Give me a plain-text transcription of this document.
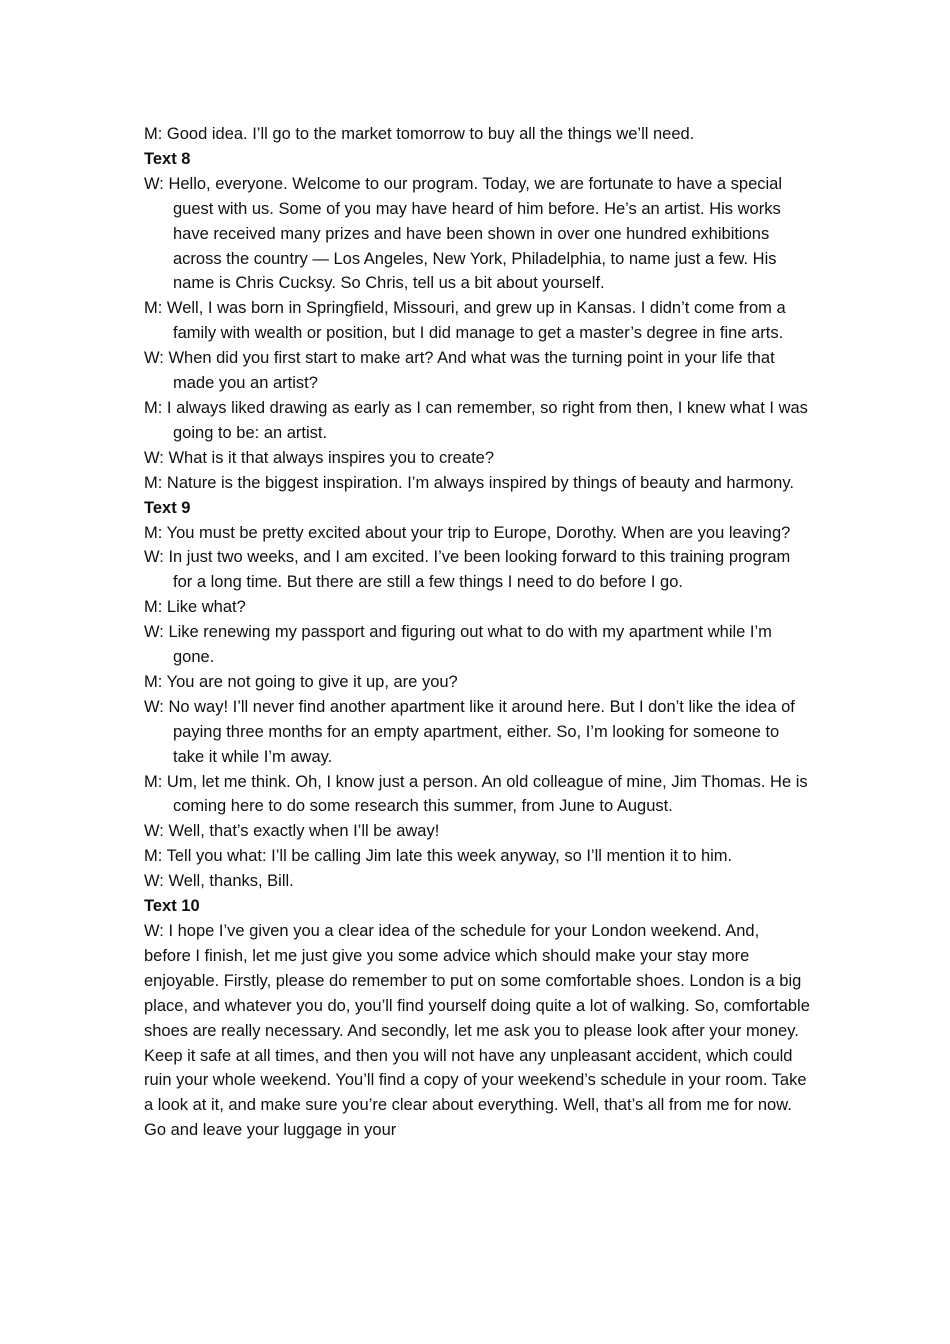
M: Good idea. I’ll go to the market tomorrow to buy all the things we’ll need.

Text 8

W: Hello, everyone. Welcome to our program. Today, we are fortunate to have a special guest with us. Some of you may have heard of him before. He’s an artist. His works have received many prizes and have been shown in over one hundred exhibitions across the country — Los Angeles, New York, Philadelphia, to name just a few. His name is Chris Cucksy. So Chris, tell us a bit about yourself.

M: Well, I was born in Springfield, Missouri, and grew up in Kansas. I didn’t come from a family with wealth or position, but I did manage to get a master’s degree in fine arts.

W: When did you first start to make art? And what was the turning point in your life that made you an artist?

M: I always liked drawing as early as I can remember, so right from then, I knew what I was going to be: an artist.

W: What is it that always inspires you to create?

M: Nature is the biggest inspiration. I’m always inspired by things of beauty and harmony.

Text 9

M: You must be pretty excited about your trip to Europe, Dorothy. When are you leaving?

W: In just two weeks, and I am excited. I’ve been looking forward to this training program for a long time. But there are still a few things I need to do before I go.

M: Like what?

W: Like renewing my passport and figuring out what to do with my apartment while I’m gone.

M: You are not going to give it up, are you?

W: No way! I’ll never find another apartment like it around here. But I don’t like the idea of paying three months for an empty apartment, either. So, I’m looking for someone to take it while I’m away.

M: Um, let me think. Oh, I know just a person. An old colleague of mine, Jim Thomas. He is coming here to do some research this summer, from June to August.

W: Well, that’s exactly when I’ll be away!

M: Tell you what: I’ll be calling Jim late this week anyway, so I’ll mention it to him.

W: Well, thanks, Bill.

Text 10

W: I hope I’ve given you a clear idea of the schedule for your London weekend. And, before I finish, let me just give you some advice which should make your stay more enjoyable. Firstly, please do remember to put on some comfortable shoes. London is a big place, and whatever you do, you’ll find yourself doing quite a lot of walking. So, comfortable shoes are really necessary. And secondly, let me ask you to please look after your money. Keep it safe at all times, and then you will not have any unpleasant accident, which could ruin your whole weekend. You’ll find a copy of your weekend’s schedule in your room. Take a look at it, and make sure you’re clear about everything. Well, that’s all from me for now. Go and leave your luggage in your
